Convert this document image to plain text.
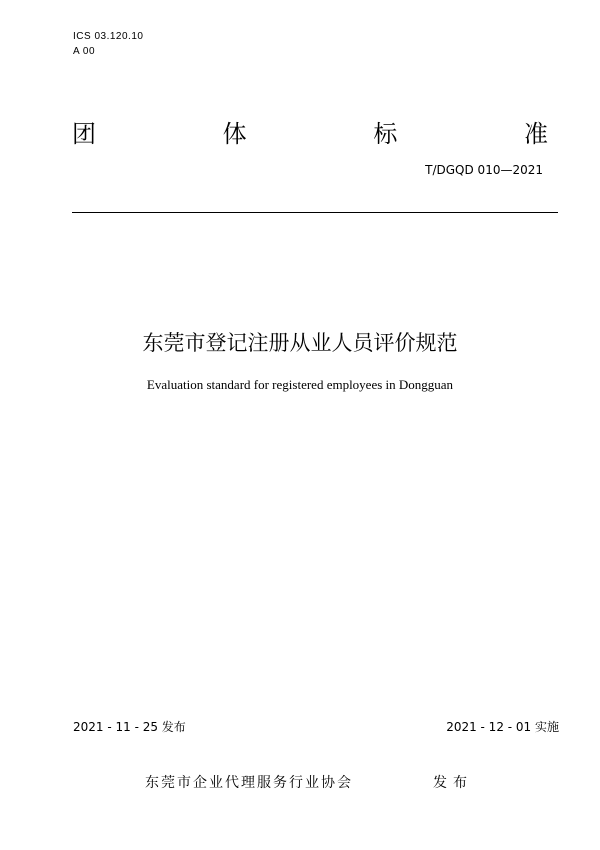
ICS 03.120.10
A 00
团	体	标	准
T/DGQD 010—2021
东莞市登记注册从业人员评价规范
Evaluation standard for registered employees in Dongguan
2021 - 11 - 25 发布	2021 - 12 - 01 实施
东莞市企业代理服务行业协会	发布
